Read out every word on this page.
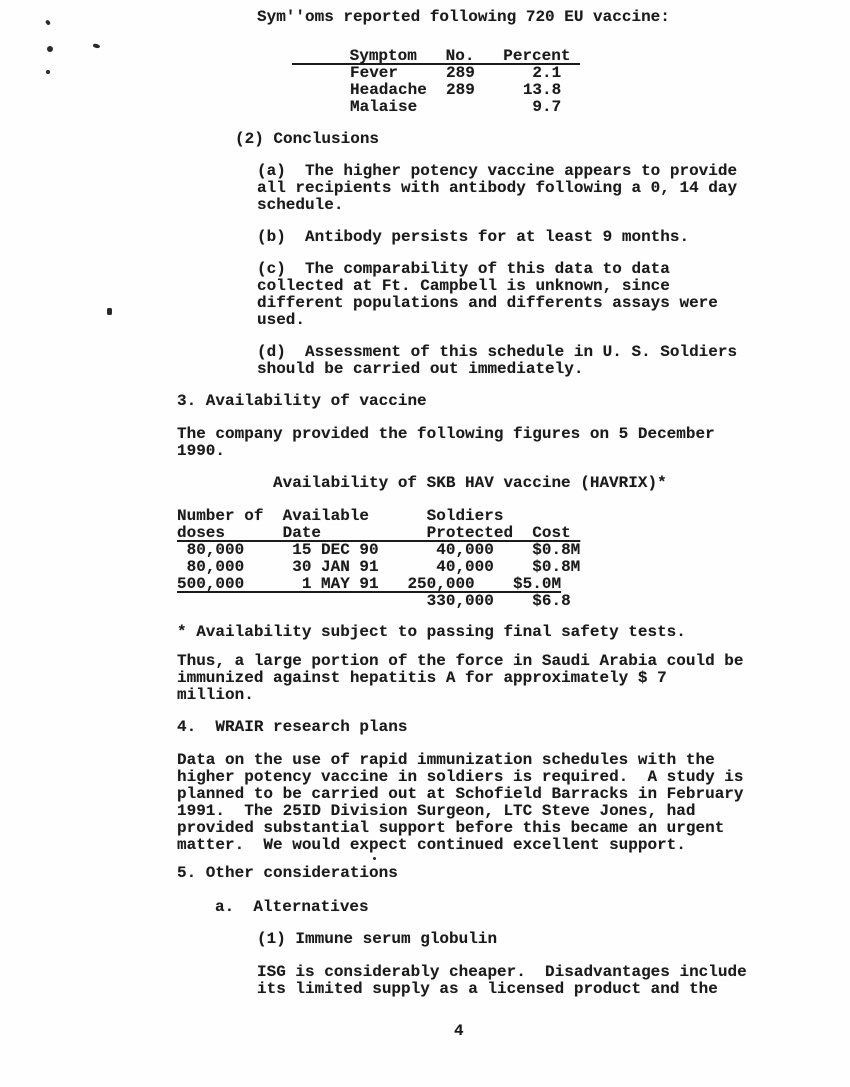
Sym''oms reported following 720 EU vaccine:
Symptom   No.   Percent
Fever     289      2.1
Headache  289     13.8
Malaise            9.7
(2) Conclusions
(a)  The higher potency vaccine appears to provide
all recipients with antibody following a 0, 14 day
schedule.
(b)  Antibody persists for at least 9 months.
(c)  The comparability of this data to data
collected at Ft. Campbell is unknown, since
different populations and differents assays were
used.
(d)  Assessment of this schedule in U. S. Soldiers
should be carried out immediately.
3. Availability of vaccine
The company provided the following figures on 5 December
1990.
Availability of SKB HAV vaccine (HAVRIX)*
Number of  Available      Soldiers
doses      Date           Protected  Cost
80,000     15 DEC 90      40,000    $0.8M
80,000     30 JAN 91      40,000    $0.8M
500,000      1 MAY 91   250,000    $5.0M
330,000    $6.8
* Availability subject to passing final safety tests.
Thus, a large portion of the force in Saudi Arabia could be
immunized against hepatitis A for approximately $ 7
million.
4.  WRAIR research plans
Data on the use of rapid immunization schedules with the
higher potency vaccine in soldiers is required.  A study is
planned to be carried out at Schofield Barracks in February
1991.  The 25ID Division Surgeon, LTC Steve Jones, had
provided substantial support before this became an urgent
matter.  We would expect continued excellent support.
5. Other considerations
a.  Alternatives
(1) Immune serum globulin
ISG is considerably cheaper.  Disadvantages include
its limited supply as a licensed product and the
4
